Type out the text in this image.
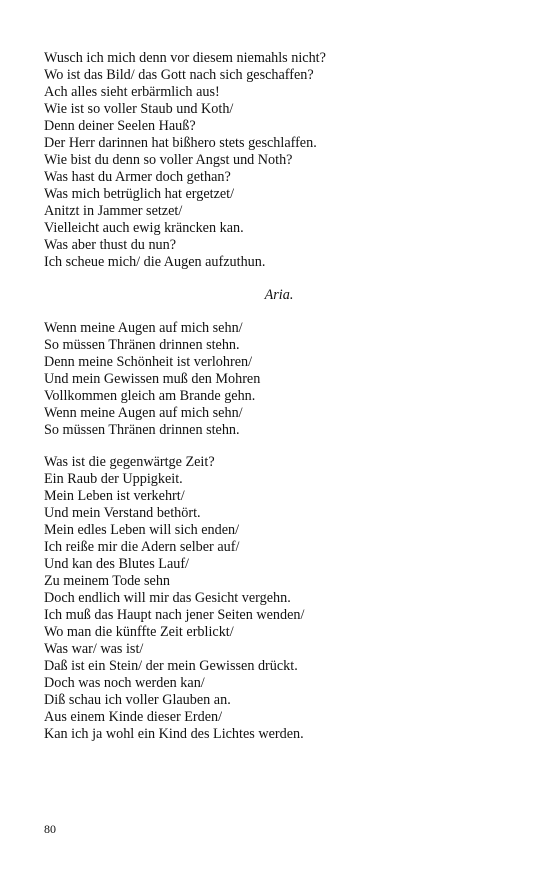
Wusch ich mich denn vor diesem niemahls nicht?
Wo ist das Bild/ das Gott nach sich geschaffen?
Ach alles sieht erbärmlich aus!
Wie ist so voller Staub und Koth/
Denn deiner Seelen Hauß?
Der Herr darinnen hat bißhero stets geschlaffen.
Wie bist du denn so voller Angst und Noth?
Was hast du Armer doch gethan?
Was mich betrüglich hat ergetzet/
Anitzt in Jammer setzet/
Vielleicht auch ewig kräncken kan.
Was aber thust du nun?
Ich scheue mich/ die Augen aufzuthun.
Aria.
Wenn meine Augen auf mich sehn/
So müssen Thränen drinnen stehn.
Denn meine Schönheit ist verlohren/
Und mein Gewissen muß den Mohren
Vollkommen gleich am Brande gehn.
Wenn meine Augen auf mich sehn/
So müssen Thränen drinnen stehn.
Was ist die gegenwärtge Zeit?
Ein Raub der Uppigkeit.
Mein Leben ist verkehrt/
Und mein Verstand bethört.
Mein edles Leben will sich enden/
Ich reiße mir die Adern selber auf/
Und kan des Blutes Lauf/
Zu meinem Tode sehn
Doch endlich will mir das Gesicht vergehn.
Ich muß das Haupt nach jener Seiten wenden/
Wo man die künffte Zeit erblickt/
Was war/ was ist/
Daß ist ein Stein/ der mein Gewissen drückt.
Doch was noch werden kan/
Diß schau ich voller Glauben an.
Aus einem Kinde dieser Erden/
Kan ich ja wohl ein Kind des Lichtes werden.
80
